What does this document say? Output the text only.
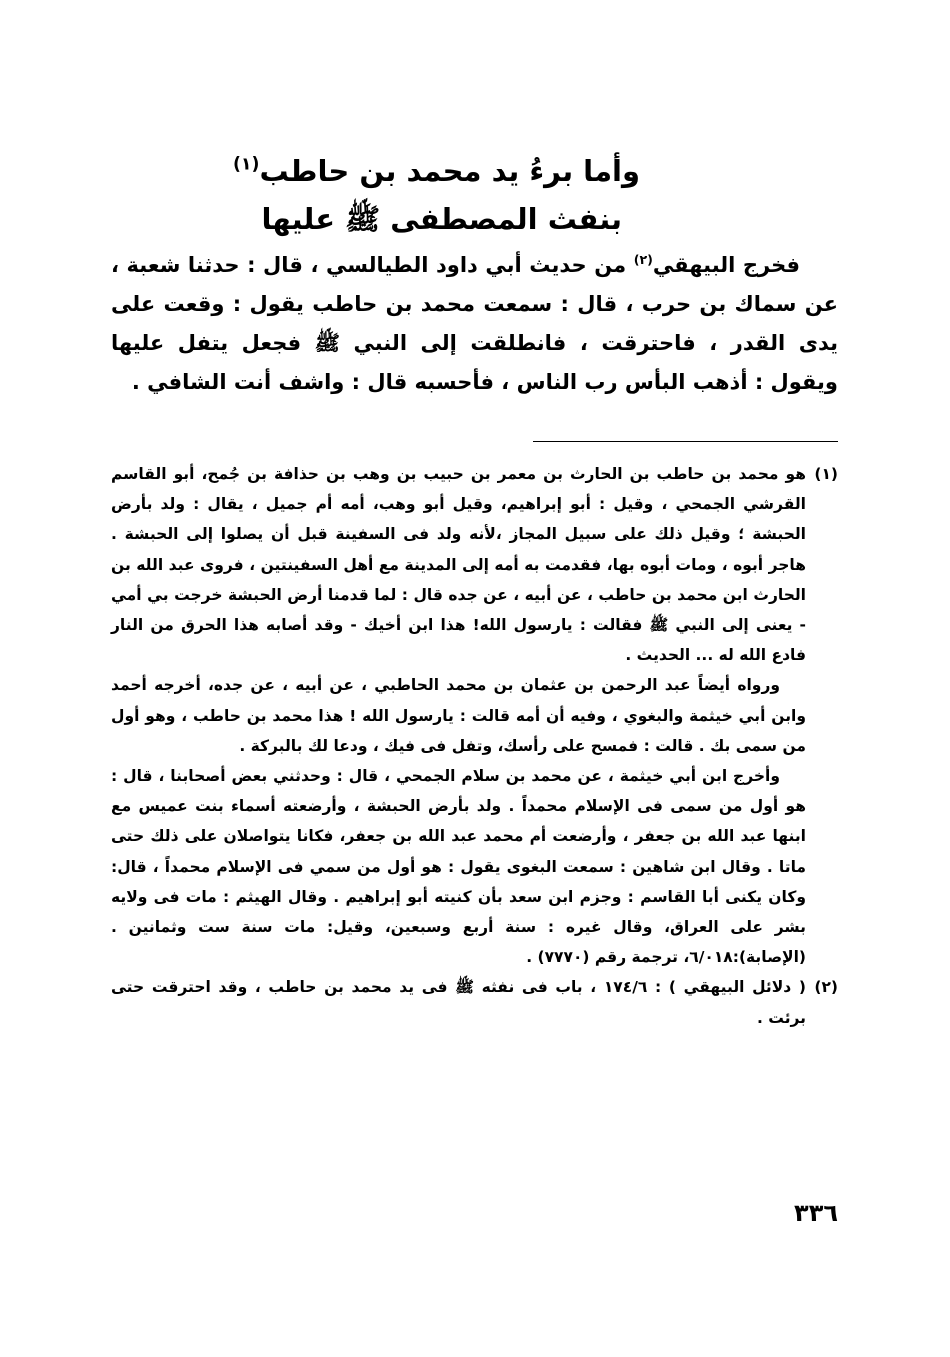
وأما برءُ يد محمد بن حاطب$^{(١)}$
بنفث المصطفى ﷺ عليها

فخرج البيهقي$^{(٢)}$ من حديث أبي داود الطيالسي ، قال : حدثنا شعبة ، عن سماك بن حرب ، قال : سمعت محمد بن حاطب يقول : وقعت على يدى القدر ، فاحترقت ، فانطلقت إلى النبي ﷺ فجعل يتفل عليها ويقول : أذهب البأس رب الناس ، فأحسبه قال : واشف أنت الشافي .

(١)

هو محمد بن حاطب بن الحارث بن معمر بن حبيب بن وهب بن حذافة بن جُمح، أبو القاسم القرشي الجمحي ، وقيل : أبو إبراهيم، وقيل أبو وهب، أمه أم جميل ، يقال : ولد بأرض الحبشة ؛ وقيل ذلك على سبيل المجاز ،لأنه ولد فى السفينة قبل أن يصلوا إلى الحبشة . هاجر أبوه ، ومات أبوه بها، فقدمت به أمه إلى المدينة مع أهل السفينتين ، فروى عبد الله بن الحارث ابن محمد بن حاطب ، عن أبيه ، عن جده قال : لما قدمنا أرض الحبشة خرجت بي أمي - يعنى إلى النبي ﷺ فقالت : يارسول الله! هذا ابن أخيك - وقد أصابه هذا الحرق من النار فادع الله له ... الحديث .

ورواه أيضاً عبد الرحمن بن عثمان بن محمد الحاطبي ، عن أبيه ، عن جده، أخرجه أحمد وابن أبي خيثمة والبغوي ، وفيه أن أمه قالت : يارسول الله ! هذا محمد بن حاطب ، وهو أول من سمى بك . قالت : فمسح على رأسك، وتفل فى فيك ، ودعا لك بالبركة .

وأخرج ابن أبي خيثمة ، عن محمد بن سلام الجمحي ، قال : وحدثني بعض أصحابنا ، قال : هو أول من سمى فى الإسلام محمداً . ولد بأرض الحبشة ، وأرضعته أسماء بنت عميس مع ابنها عبد الله بن جعفر ، وأرضعت أم محمد عبد الله بن جعفر، فكانا يتواصلان على ذلك حتى ماتا . وقال ابن شاهين : سمعت البغوى يقول : هو أول من سمي فى الإسلام محمداً ، قال: وكان يكنى أبا القاسم : وجزم ابن سعد بأن كنيته أبو إبراهيم . وقال الهيثم : مات فى ولايه بشر على العراق، وقال غيره : سنة أربع وسبعين، وقيل: مات سنة ست وثمانين .(الإصابة):٦/٠١٨، ترجمة رقم (٧٧٧٠) .

(٢)

( دلائل البيهقي ) : ١٧٤/٦ ، باب فى نفثه ﷺ فى يد محمد بن حاطب ، وقد احترقت حتى برئت .

٣٣٦
